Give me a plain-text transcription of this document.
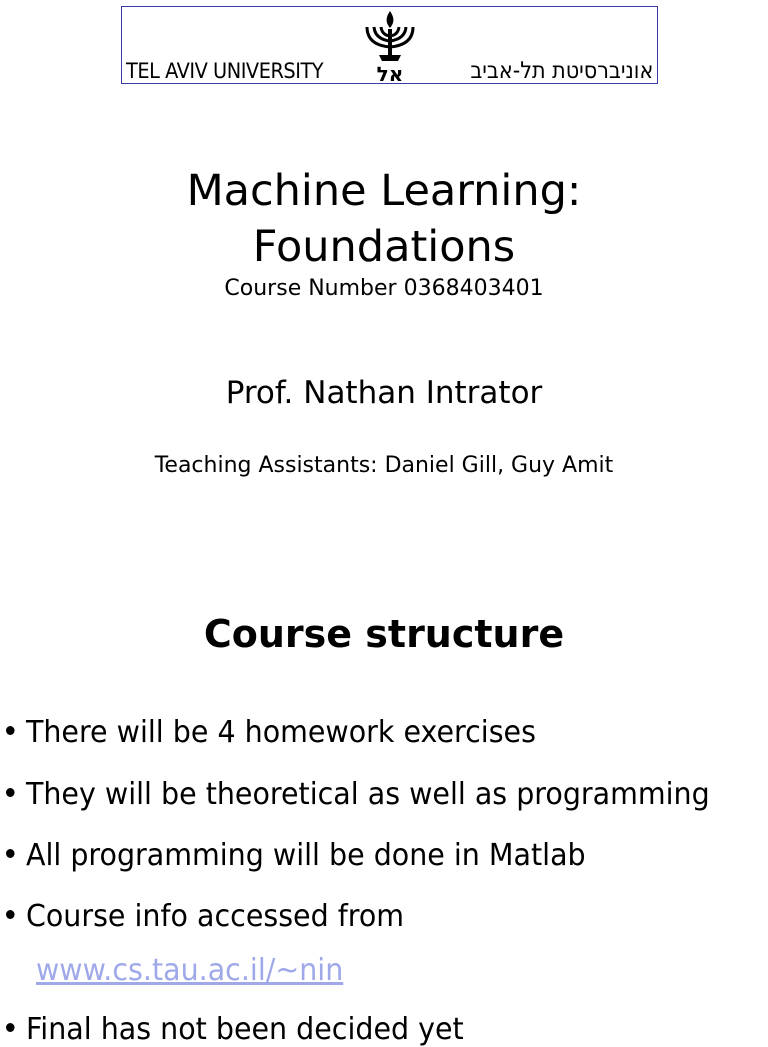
TEL AVIV UNIVERSITY	אל	אוניברסיטת תל-אביב
Machine Learning:
Foundations
Course Number 0368403401
Prof. Nathan Intrator
Teaching Assistants: Daniel Gill, Guy Amit
Course structure
There will be 4 homework exercises
They will be theoretical as well as programming
All programming will be done in Matlab
Course info accessed from
Final has not been decided yet
www.cs.tau.ac.il/~nin
